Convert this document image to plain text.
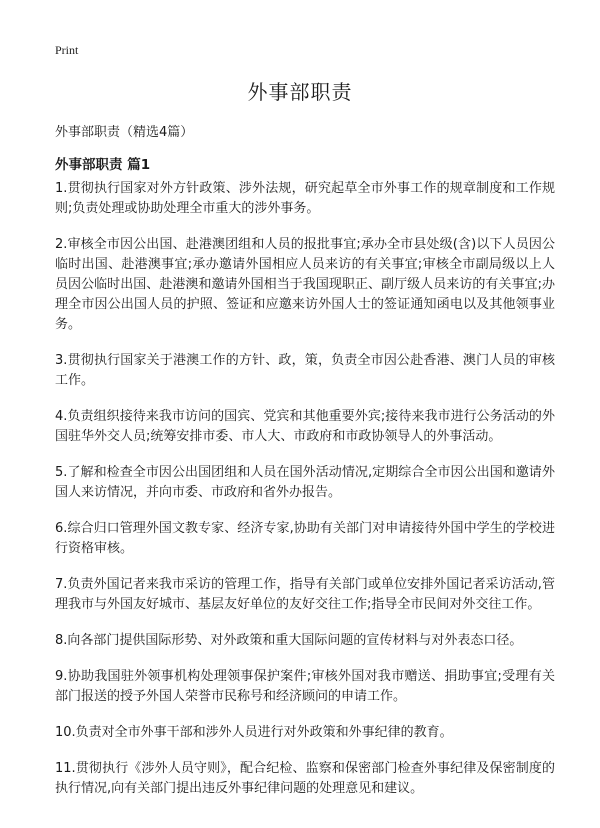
Print
外事部职责
外事部职责（精选4篇）
外事部职责 篇1

1.贯彻执行国家对外方针政策、涉外法规，研究起草全市外事工作的规章制度和工作规则;负责处理或协助处理全市重大的涉外事务。

2.审核全市因公出国、赴港澳团组和人员的报批事宜;承办全市县处级(含)以下人员因公临时出国、赴港澳事宜;承办邀请外国相应人员来访的有关事宜;审核全市副局级以上人员因公临时出国、赴港澳和邀请外国相当于我国现职正、副厅级人员来访的有关事宜;办理全市因公出国人员的护照、签证和应邀来访外国人士的签证通知函电以及其他领事业务。

3.贯彻执行国家关于港澳工作的方针、政，策，负责全市因公赴香港、澳门人员的审核工作。

4.负责组织接待来我市访问的国宾、党宾和其他重要外宾;接待来我市进行公务活动的外国驻华外交人员;统筹安排市委、市人大、市政府和市政协领导人的外事活动。

5.了解和检查全市因公出国团组和人员在国外活动情况,定期综合全市因公出国和邀请外国人来访情况，并向市委、市政府和省外办报告。

6.综合归口管理外国文教专家、经济专家,协助有关部门对申请接待外国中学生的学校进行资格审核。

7.负责外国记者来我市采访的管理工作，指导有关部门或单位安排外国记者采访活动,管理我市与外国友好城市、基层友好单位的友好交往工作;指导全市民间对外交往工作。

8.向各部门提供国际形势、对外政策和重大国际问题的宣传材料与对外表态口径。

9.协助我国驻外领事机构处理领事保护案件;审核外国对我市赠送、捐助事宜;受理有关部门报送的授予外国人荣誉市民称号和经济顾问的申请工作。

10.负责对全市外事干部和涉外人员进行对外政策和外事纪律的教育。

11.贯彻执行《涉外人员守则》，配合纪检、监察和保密部门检查外事纪律及保密制度的执行情况,向有关部门提出违反外事纪律问题的处理意见和建议。
